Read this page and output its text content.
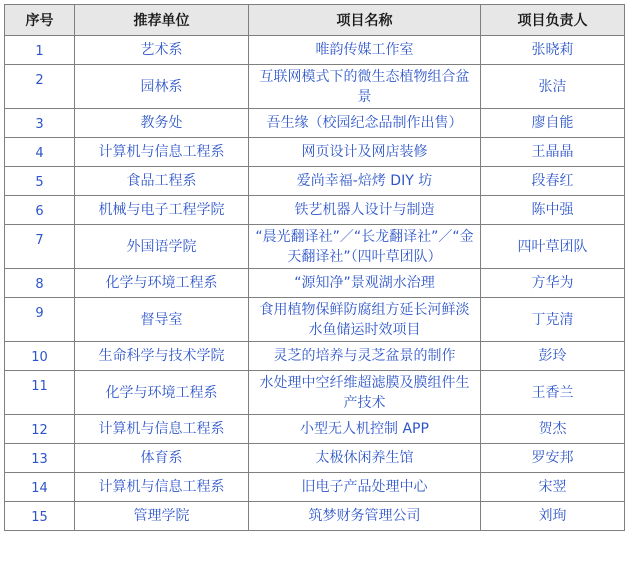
序号	推荐单位	项目名称	项目负责人
1	艺术系	唯韵传媒工作室	张晓莉
2	园林系	互联网模式下的微生态植物组合盆景	张洁
3	教务处	吾生缘（校园纪念品制作出售）	廖自能
4	计算机与信息工程系	网页设计及网店装修	王晶晶
5	食品工程系	爱尚幸福-焙烤 DIY 坊	段春红
6	机械与电子工程学院	铁艺机器人设计与制造	陈中强
7	外国语学院	“晨光翻译社”／“长龙翻译社”／“金天翻译社”（四叶草团队）	四叶草团队
8	化学与环境工程系	“源知净”景观湖水治理	方华为
9	督导室	食用植物保鲜防腐组方延长河鲜淡水鱼储运时效项目	丁克清
10	生命科学与技术学院	灵芝的培养与灵芝盆景的制作	彭玲
11	化学与环境工程系	水处理中空纤维超滤膜及膜组件生产技术	王香兰
12	计算机与信息工程系	小型无人机控制 APP	贺杰
13	体育系	太极休闲养生馆	罗安邦
14	计算机与信息工程系	旧电子产品处理中心	宋翌
15	管理学院	筑梦财务管理公司	刘珣
